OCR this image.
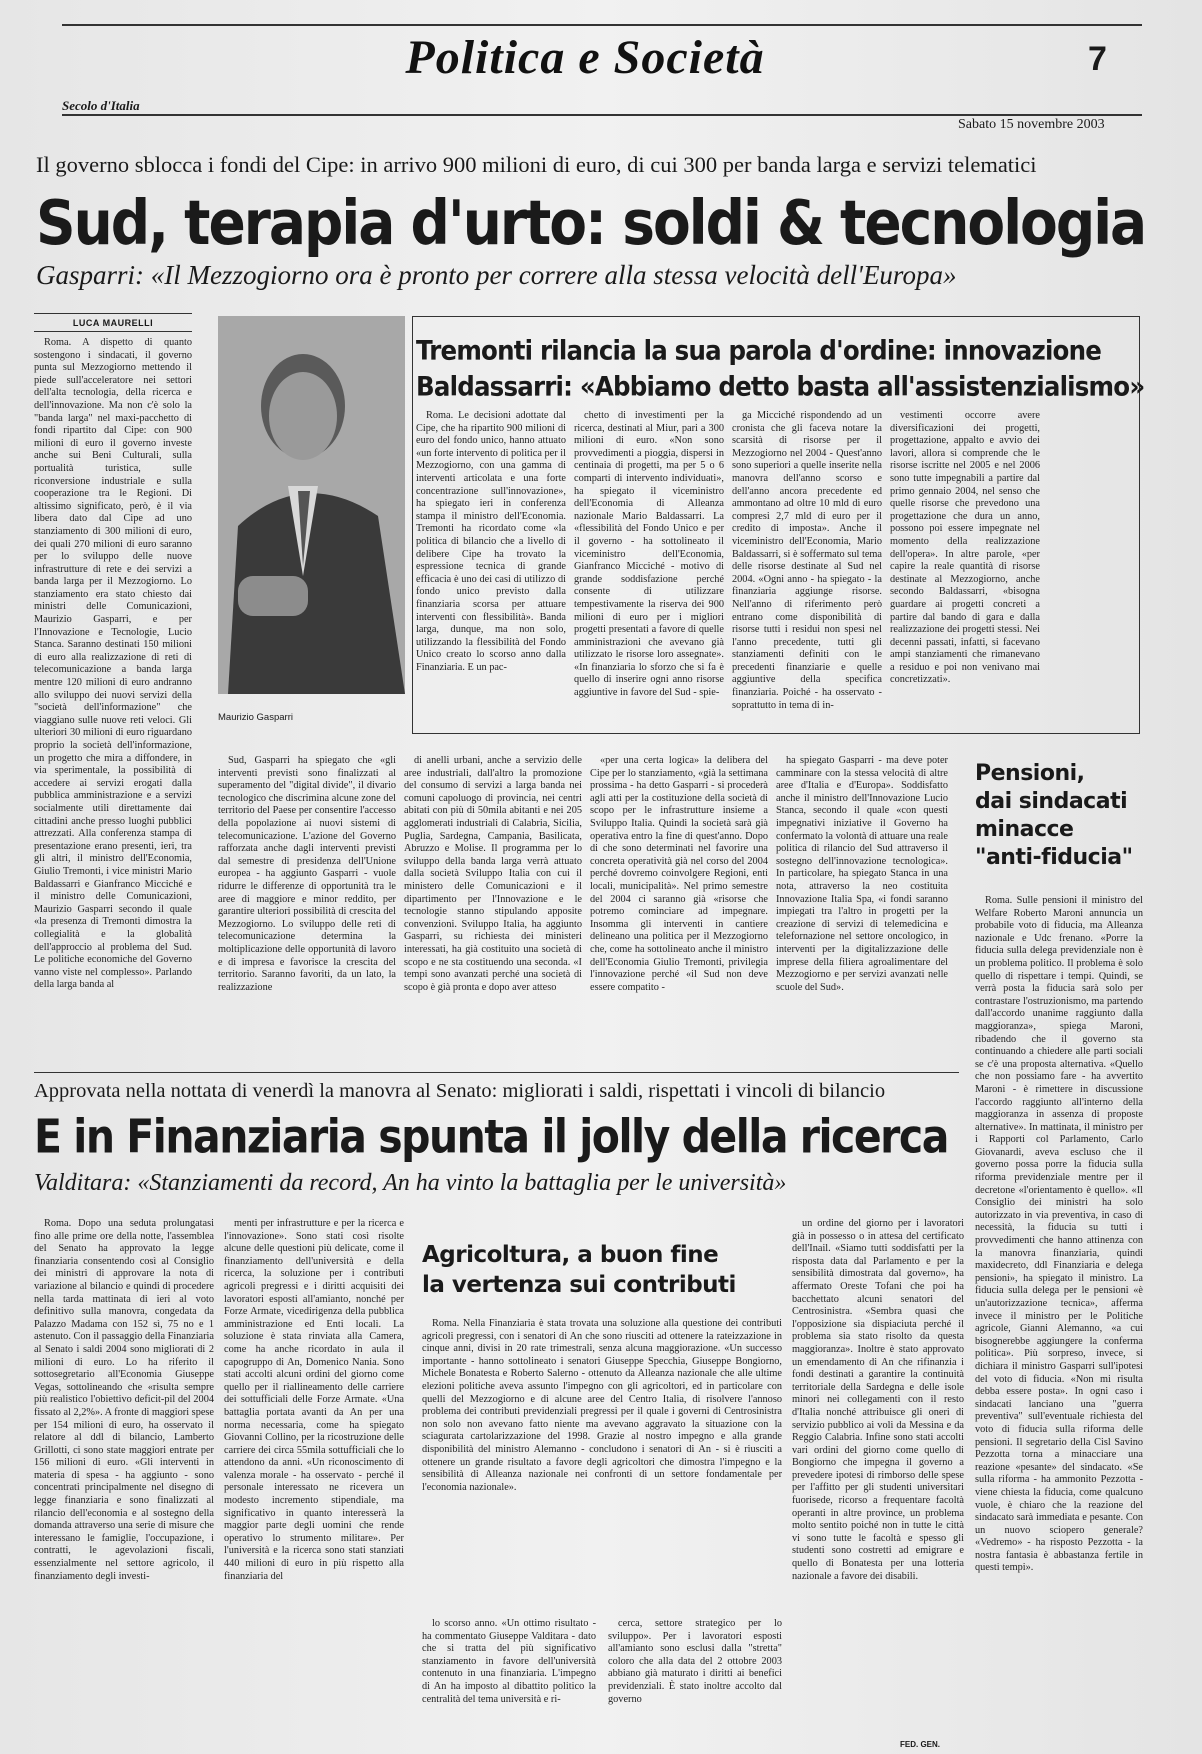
Secolo d'Italia
Politica e Società	7
Sabato 15 novembre 2003
Il governo sblocca i fondi del Cipe: in arrivo 900 milioni di euro, di cui 300 per banda larga e servizi telematici
Sud, terapia d'urto: soldi & tecnologia
Gasparri: «Il Mezzogiorno ora è pronto per correre alla stessa velocità dell'Europa»
LUCA MAURELLI

Roma. A dispetto di quanto sostengono i sindacati, il governo punta sul Mezzogiorno mettendo il piede sull'acceleratore nei settori dell'alta tecnologia, della ricerca e dell'innovazione. Ma non c'è solo la "banda larga" nel maxi-pacchetto di fondi ripartito dal Cipe: con 900 milioni di euro il governo investe anche sui Beni Culturali, sulla portualità turistica, sulle riconversione industriale e sulla cooperazione tra le Regioni. Di altissimo significato, però, è il via libera dato dal Cipe ad uno stanziamento di 300 milioni di euro, dei quali 270 milioni di euro saranno per lo sviluppo delle nuove infrastrutture di rete e dei servizi a banda larga per il Mezzogiorno. Lo stanziamento era stato chiesto dai ministri delle Comunicazioni, Maurizio Gasparri, e per l'Innovazione e Tecnologie, Lucio Stanca. Saranno destinati 150 milioni di euro alla realizzazione di reti di telecomunicazione a banda larga mentre 120 milioni di euro andranno allo sviluppo dei nuovi servizi della "società dell'informazione" che viaggiano sulle nuove reti veloci. Gli ulteriori 30 milioni di euro riguardano proprio la società dell'informazione, un progetto che mira a diffondere, in via sperimentale, la possibilità di accedere ai servizi erogati dalla pubblica amministrazione e a servizi socialmente utili direttamente dai cittadini anche presso luoghi pubblici attrezzati. Alla conferenza stampa di presentazione erano presenti, ieri, tra gli altri, il ministro dell'Economia, Giulio Tremonti, i vice ministri Mario Baldassarri e Gianfranco Micciché e il ministro delle Comunicazioni, Maurizio Gasparri secondo il quale «la presenza di Tremonti dimostra la collegialità e la globalità dell'approccio al problema del Sud. Le politiche economiche del Governo vanno viste nel complesso». Parlando della larga banda al

Maurizio Gasparri
Tremonti rilancia la sua parola d'ordine: innovazione
Baldassarri: «Abbiamo detto basta all'assistenzialismo»

Roma. Le decisioni adottate dal Cipe, che ha ripartito 900 milioni di euro del fondo unico, hanno attuato «un forte intervento di politica per il Mezzogiorno, con una gamma di interventi articolata e una forte concentrazione sull'innovazione», ha spiegato ieri in conferenza stampa il ministro dell'Economia. Tremonti ha ricordato come «la politica di bilancio che a livello di delibere Cipe ha trovato la espressione tecnica di grande efficacia è uno dei casi di utilizzo di fondo unico previsto dalla finanziaria scorsa per attuare interventi con flessibilità». Banda larga, dunque, ma non solo, utilizzando la flessibilità del Fondo Unico creato lo scorso anno dalla Finanziaria. E un pac-

chetto di investimenti per la ricerca, destinati al Miur, pari a 300 milioni di euro. «Non sono provvedimenti a pioggia, dispersi in centinaia di progetti, ma per 5 o 6 comparti di intervento individuati», ha spiegato il viceministro dell'Economia di Alleanza nazionale Mario Baldassarri. La «flessibilità del Fondo Unico e per il governo - ha sottolineato il viceministro dell'Economia, Gianfranco Micciché - motivo di grande soddisfazione perché consente di utilizzare tempestivamente la riserva dei 900 milioni di euro per i migliori progetti presentati a favore di quelle amministrazioni che avevano già utilizzato le risorse loro assegnate». «In finanziaria lo sforzo che si fa è quello di inserire ogni anno risorse aggiuntive in favore del Sud - spie-

ga Micciché rispondendo ad un cronista che gli faceva notare la scarsità di risorse per il Mezzogiorno nel 2004 - Quest'anno sono superiori a quelle inserite nella manovra dell'anno scorso e dell'anno ancora precedente ed ammontano ad oltre 10 mld di euro compresi 2,7 mld di euro per il credito di imposta». Anche il viceministro dell'Economia, Mario Baldassarri, si è soffermato sul tema delle risorse destinate al Sud nel 2004. «Ogni anno - ha spiegato - la finanziaria aggiunge risorse. Nell'anno di riferimento però entrano come disponibilità di risorse tutti i residui non spesi nel l'anno precedente, tutti gli stanziamenti definiti con le precedenti finanziarie e quelle aggiuntive della specifica finanziaria. Poiché - ha osservato - soprattutto in tema di in-

vestimenti occorre avere diversificazioni dei progetti, progettazione, appalto e avvio dei lavori, allora si comprende che le risorse iscritte nel 2005 e nel 2006 sono tutte impegnabili a partire dal primo gennaio 2004, nel senso che quelle risorse che prevedono una progettazione che dura un anno, possono poi essere impegnate nel momento della realizzazione dell'opera». In altre parole, «per capire la reale quantità di risorse destinate al Mezzogiorno, anche secondo Baldassarri, «bisogna guardare ai progetti concreti a partire dal bando di gara e dalla realizzazione dei progetti stessi. Nei decenni passati, infatti, si facevano ampi stanziamenti che rimanevano a residuo e poi non venivano mai concretizzati».

Sud, Gasparri ha spiegato che «gli interventi previsti sono finalizzati al superamento del "digital divide", il divario tecnologico che discrimina alcune zone del territorio del Paese per consentire l'accesso della popolazione ai nuovi sistemi di telecomunicazione. L'azione del Governo rafforzata anche dagli interventi previsti dal semestre di presidenza dell'Unione europea - ha aggiunto Gasparri - vuole ridurre le differenze di opportunità tra le aree di maggiore e minor reddito, per garantire ulteriori possibilità di crescita del Mezzogiorno. Lo sviluppo delle reti di telecomunicazione determina la moltiplicazione delle opportunità di lavoro e di impresa e favorisce la crescita del territorio. Saranno favoriti, da un lato, la realizzazione

di anelli urbani, anche a servizio delle aree industriali, dall'altro la promozione del consumo di servizi a larga banda nei comuni capoluogo di provincia, nei centri abitati con più di 50mila abitanti e nei 205 agglomerati industriali di Calabria, Sicilia, Puglia, Sardegna, Campania, Basilicata, Abruzzo e Molise. Il programma per lo sviluppo della banda larga verrà attuato dalla società Sviluppo Italia con cui il ministero delle Comunicazioni e il dipartimento per l'Innovazione e le tecnologie stanno stipulando apposite convenzioni. Sviluppo Italia, ha aggiunto Gasparri, su richiesta dei ministeri interessati, ha già costituito una società di scopo e ne sta costituendo una seconda. «I tempi sono avanzati perché una società di scopo è già pronta e dopo aver atteso

«per una certa logica» la delibera del Cipe per lo stanziamento, «già la settimana prossima - ha detto Gasparri - si procederà agli atti per la costituzione della società di scopo per le infrastrutture insieme a Sviluppo Italia. Quindi la società sarà già operativa entro la fine di quest'anno. Dopo di che sono determinati nel favorire una concreta operatività già nel corso del 2004 perché dovremo coinvolgere Regioni, enti locali, municipalità». Nel primo semestre del 2004 ci saranno già «risorse che potremo cominciare ad impegnare. Insomma gli interventi in cantiere delineano una politica per il Mezzogiorno che, come ha sottolineato anche il ministro dell'Economia Giulio Tremonti, privilegia l'innovazione perché «il Sud non deve essere compatito -

ha spiegato Gasparri - ma deve poter camminare con la stessa velocità di altre aree d'Italia e d'Europa». Soddisfatto anche il ministro dell'Innovazione Lucio Stanca, secondo il quale «con questi impegnativi iniziative il Governo ha confermato la volontà di attuare una reale politica di rilancio del Sud attraverso il sostegno dell'innovazione tecnologica». In particolare, ha spiegato Stanca in una nota, attraverso la neo costituita Innovazione Italia Spa, «i fondi saranno impiegati tra l'altro in progetti per la creazione di servizi di telemedicina e telefornazione nel settore oncologico, in interventi per la digitalizzazione delle imprese della filiera agroalimentare del Mezzogiorno e per servizi avanzati nelle scuole del Sud».

Pensioni,
dai sindacati
minacce
"anti-fiducia"

Roma. Sulle pensioni il ministro del Welfare Roberto Maroni annuncia un probabile voto di fiducia, ma Alleanza nazionale e Udc frenano. «Porre la fiducia sulla delega previdenziale non è un problema politico. Il problema è solo quello di rispettare i tempi. Quindi, se verrà posta la fiducia sarà solo per contrastare l'ostruzionismo, ma partendo dall'accordo unanime raggiunto dalla maggioranza», spiega Maroni, ribadendo che il governo sta continuando a chiedere alle parti sociali se c'è una proposta alternativa. «Quello che non possiamo fare - ha avvertito Maroni - è rimettere in discussione l'accordo raggiunto all'interno della maggioranza in assenza di proposte alternative». In mattinata, il ministro per i Rapporti col Parlamento, Carlo Giovanardi, aveva escluso che il governo possa porre la fiducia sulla riforma previdenziale mentre per il decretone «l'orientamento è quello». «Il Consiglio dei ministri ha solo autorizzato in via preventiva, in caso di necessità, la fiducia su tutti i provvedimenti che hanno attinenza con la manovra finanziaria, quindi maxidecreto, ddl Finanziaria e delega pensioni», ha spiegato il ministro. La fiducia sulla delega per le pensioni «è un'autorizzazione tecnica», afferma invece il ministro per le Politiche agricole, Gianni Alemanno, «a cui bisognerebbe aggiungere la conferma politica». Più sorpreso, invece, si dichiara il ministro Gasparri sull'ipotesi del voto di fiducia. «Non mi risulta debba essere posta». In ogni caso i sindacati lanciano una "guerra preventiva" sull'eventuale richiesta del voto di fiducia sulla riforma delle pensioni. Il segretario della Cisl Savino Pezzotta torna a minacciare una reazione «pesante» del sindacato. «Se sulla riforma - ha ammonito Pezzotta - viene chiesta la fiducia, come qualcuno vuole, è chiaro che la reazione del sindacato sarà immediata e pesante. Con un nuovo sciopero generale? «Vedremo» - ha risposto Pezzotta - la nostra fantasia è abbastanza fertile in questi tempi».

Approvata nella nottata di venerdì la manovra al Senato: migliorati i saldi, rispettati i vincoli di bilancio
E in Finanziaria spunta il jolly della ricerca
Valditara: «Stanziamenti da record, An ha vinto la battaglia per le università»

Roma. Dopo una seduta prolungatasi fino alle prime ore della notte, l'assemblea del Senato ha approvato la legge finanziaria consentendo così al Consiglio dei ministri di approvare la nota di variazione al bilancio e quindi di procedere nella tarda mattinata di ieri al voto definitivo sulla manovra, congedata da Palazzo Madama con 152 sì, 75 no e 1 astenuto. Con il passaggio della Finanziaria al Senato i saldi 2004 sono migliorati di 2 milioni di euro. Lo ha riferito il sottosegretario all'Economia Giuseppe Vegas, sottolineando che «risulta sempre più realistico l'obiettivo deficit-pil del 2004 fissato al 2,2%». A fronte di maggiori spese per 154 milioni di euro, ha osservato il relatore al ddl di bilancio, Lamberto Grillotti, ci sono state maggiori entrate per 156 milioni di euro. «Gli interventi in materia di spesa - ha aggiunto - sono concentrati principalmente nel disegno di legge finanziaria e sono finalizzati al rilancio dell'economia e al sostegno della domanda attraverso una serie di misure che interessano le famiglie, l'occupazione, i contratti, le agevolazioni fiscali, essenzialmente nel settore agricolo, il finanziamento degli investi-

menti per infrastrutture e per la ricerca e l'innovazione». Sono stati così risolte alcune delle questioni più delicate, come il finanziamento dell'università e della ricerca, la soluzione per i contributi agricoli pregressi e i diritti acquisiti dei lavoratori esposti all'amianto, nonché per Forze Armate, vicedirigenza della pubblica amministrazione ed Enti locali. La soluzione è stata rinviata alla Camera, come ha anche ricordato in aula il capogruppo di An, Domenico Nania. Sono stati accolti alcuni ordini del giorno come quello per il riallineamento delle carriere dei sottufficiali delle Forze Armate. «Una battaglia portata avanti da An per una norma necessaria, come ha spiegato Giovanni Collino, per la ricostruzione delle carriere dei circa 55mila sottufficiali che lo attendono da anni. «Un riconoscimento di valenza morale - ha osservato - perché il personale interessato ne ricevera un modesto incremento stipendiale, ma significativo in quanto interesserà la maggior parte degli uomini che rende operativo lo strumento militare». Per l'università e la ricerca sono stati stanziati 440 milioni di euro in più rispetto alla finanziaria del

Agricoltura, a buon fine
la vertenza sui contributi

Roma. Nella Finanziaria è stata trovata una soluzione alla questione dei contributi agricoli pregressi, con i senatori di An che sono riusciti ad ottenere la rateizzazione in cinque anni, divisi in 20 rate trimestrali, senza alcuna maggiorazione. «Un successo importante - hanno sottolineato i senatori Giuseppe Specchia, Giuseppe Bongiorno, Michele Bonatesta e Roberto Salerno - ottenuto da Alleanza nazionale che alle ultime elezioni politiche aveva assunto l'impegno con gli agricoltori, ed in particolare con quelli del Mezzogiorno e di alcune aree del Centro Italia, di risolvere l'annoso problema dei contributi previdenziali pregressi per il quale i governi di Centrosinistra non solo non avevano fatto niente ma avevano aggravato la situazione con la sciagurata cartolarizzazione del 1998. Grazie al nostro impegno e alla grande disponibilità del ministro Alemanno - concludono i senatori di An - si è riusciti a ottenere un grande risultato a favore degli agricoltori che dimostra l'impegno e la sensibilità di Alleanza nazionale nei confronti di un settore fondamentale per l'economia nazionale».

un ordine del giorno per i lavoratori già in possesso o in attesa del certificato dell'Inail. «Siamo tutti soddisfatti per la risposta data dal Parlamento e per la sensibilità dimostrata dal governo», ha affermato Oreste Tofani che poi ha bacchettato alcuni senatori del Centrosinistra. «Sembra quasi che l'opposizione sia dispiaciuta perché il problema sia stato risolto da questa maggioranza». Inoltre è stato approvato un emendamento di An che rifinanzia i fondi destinati a garantire la continuità territoriale della Sardegna e delle isole minori nei collegamenti con il resto d'Italia nonché attribuisce gli oneri di servizio pubblico ai voli da Messina e da Reggio Calabria. Infine sono stati accolti vari ordini del giorno come quello di Bongiorno che impegna il governo a prevedere ipotesi di rimborso delle spese per l'affitto per gli studenti universitari fuorisede, ricorso a frequentare facoltà operanti in altre province, un problema molto sentito poiché non in tutte le città vi sono tutte le facoltà e spesso gli studenti sono costretti ad emigrare e quello di Bonatesta per una lotteria nazionale a favore dei disabili.

lo scorso anno. «Un ottimo risultato - ha commentato Giuseppe Valditara - dato che si tratta del più significativo stanziamento in favore dell'università contenuto in una finanziaria. L'impegno di An ha imposto al dibattito politico la centralità del tema università e ri-

cerca, settore strategico per lo sviluppo». Per i lavoratori esposti all'amianto sono esclusi dalla "stretta" coloro che alla data del 2 ottobre 2003 abbiano già maturato i diritti ai benefici previdenziali. È stato inoltre accolto dal governo

FED. GEN.
